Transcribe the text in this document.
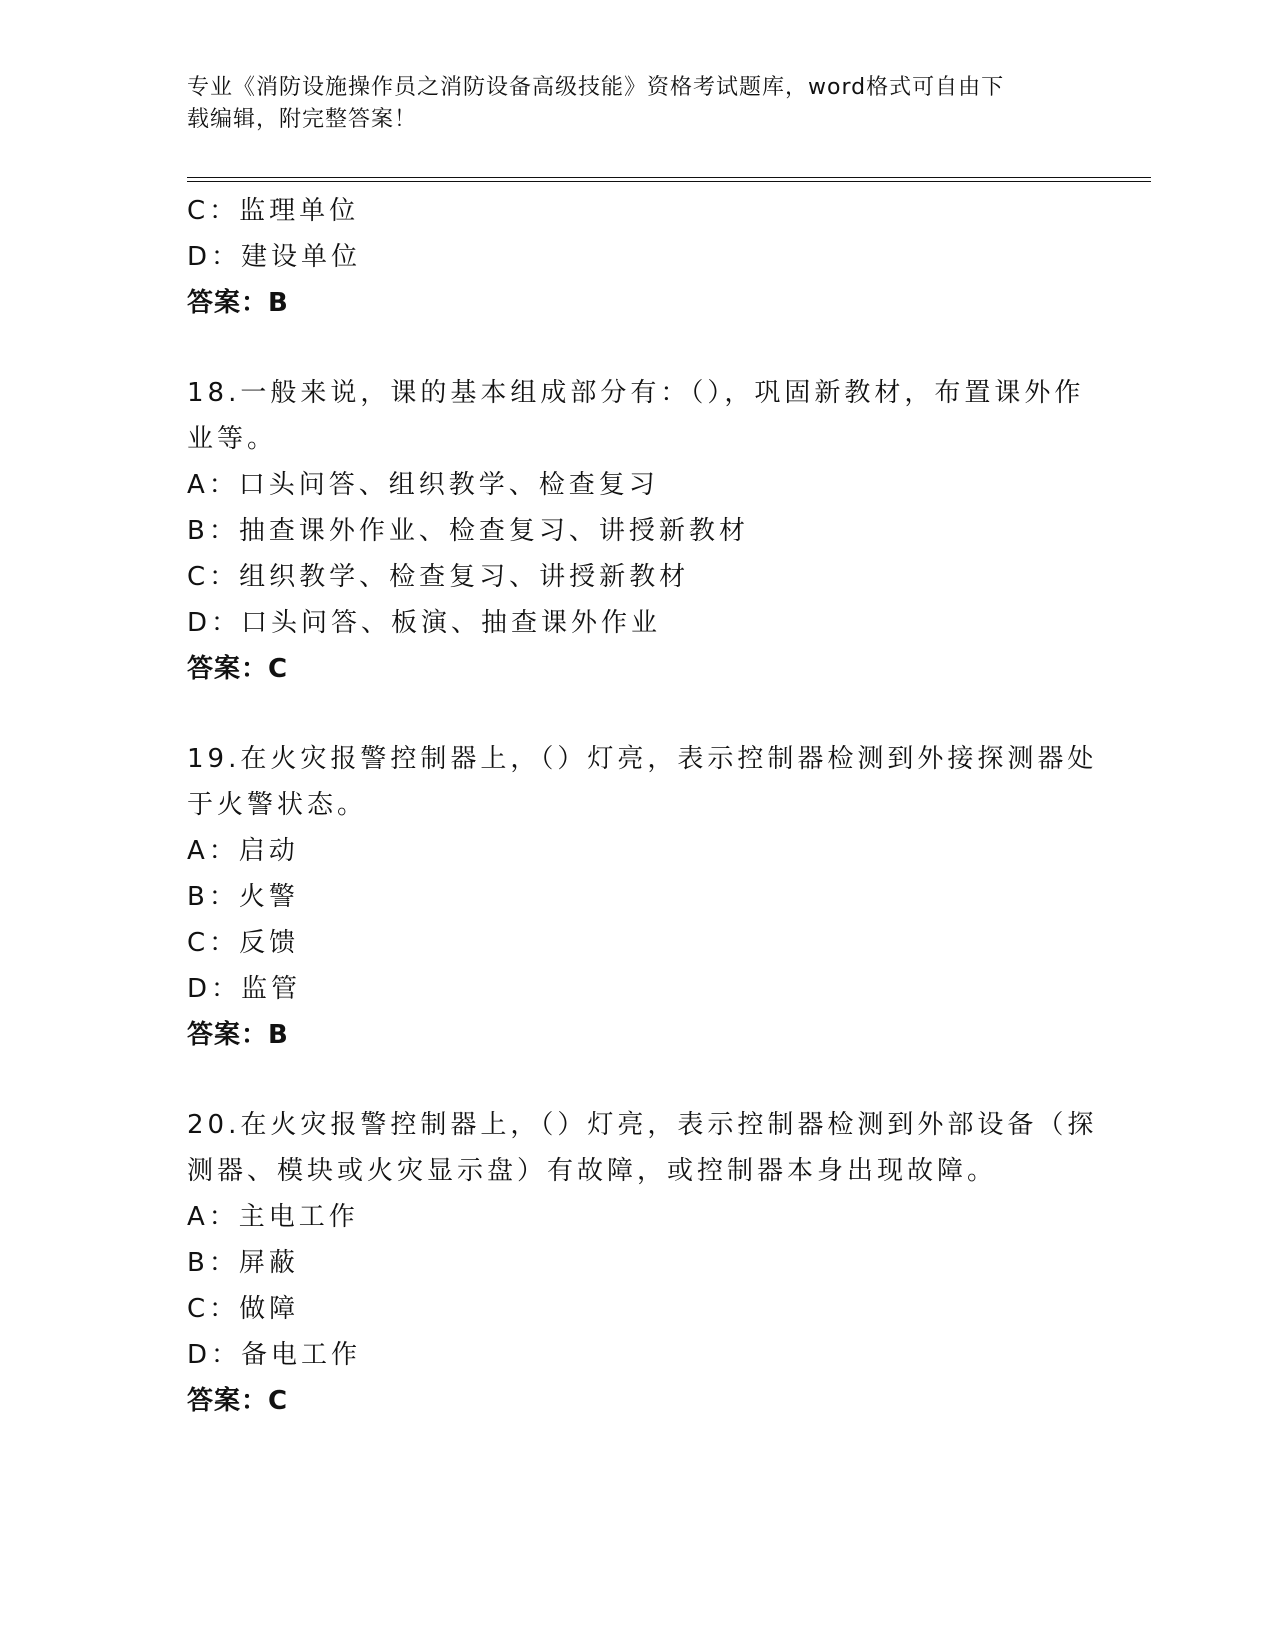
专业《消防设施操作员之消防设备高级技能》资格考试题库，word格式可自由下
载编辑，附完整答案！
C：监理单位
D：建设单位
答案：B
18.一般来说，课的基本组成部分有：（），巩固新教材，布置课外作
业等。
A：口头问答、组织教学、检查复习
B：抽查课外作业、检查复习、讲授新教材
C：组织教学、检查复习、讲授新教材
D：口头问答、板演、抽查课外作业
答案：C
19.在火灾报警控制器上，（）灯亮，表示控制器检测到外接探测器处
于火警状态。
A：启动
B：火警
C：反馈
D：监管
答案：B
20.在火灾报警控制器上，（）灯亮，表示控制器检测到外部设备（探
测器、模块或火灾显示盘）有故障，或控制器本身出现故障。
A：主电工作
B：屏蔽
C：做障
D：备电工作
答案：C
